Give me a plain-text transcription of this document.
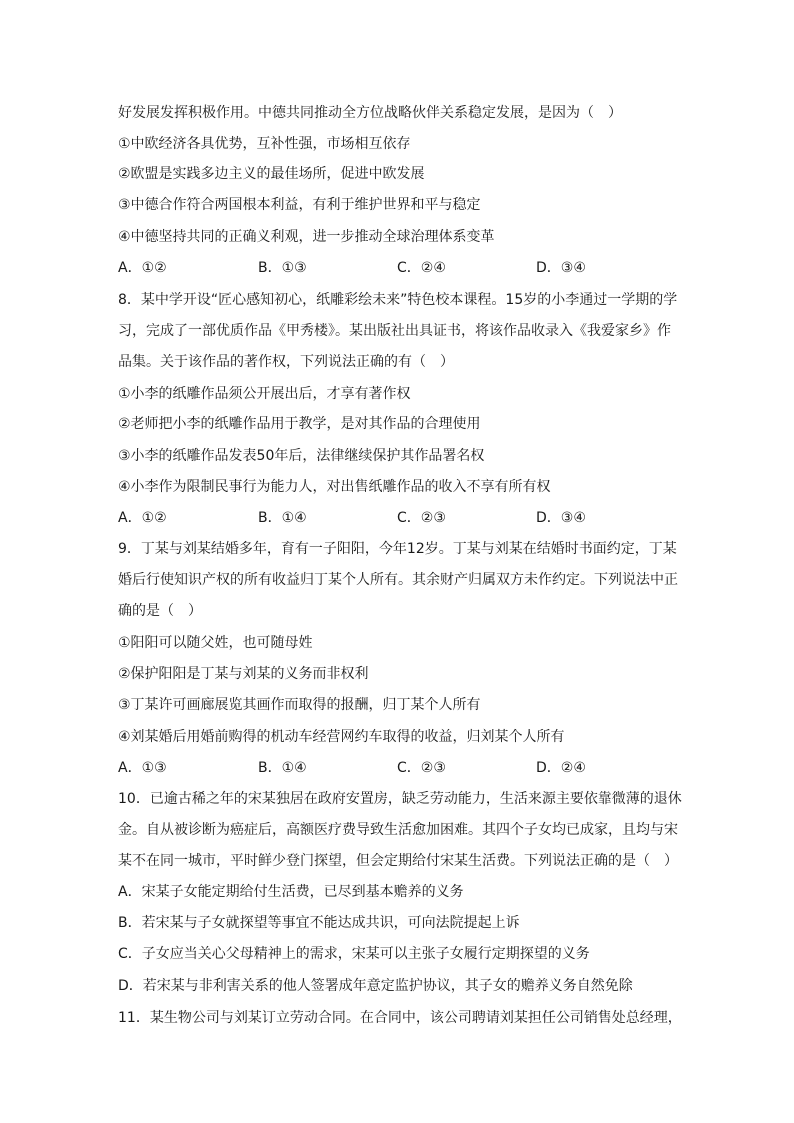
好发展发挥积极作用。中德共同推动全方位战略伙伴关系稳定发展，是因为（　）
①中欧经济各具优势，互补性强，市场相互依存
②欧盟是实践多边主义的最佳场所，促进中欧发展
③中德合作符合两国根本利益，有利于维护世界和平与稳定
④中德坚持共同的正确义利观，进一步推动全球治理体系变革
A．①②	B．①③	C．②④	D．③④
8．某中学开设“匠心感知初心，纸雕彩绘未来”特色校本课程。15岁的小李通过一学期的学
习，完成了一部优质作品《甲秀楼》。某出版社出具证书，将该作品收录入《我爱家乡》作
品集。关于该作品的著作权，下列说法正确的有（　）
①小李的纸雕作品须公开展出后，才享有著作权
②老师把小李的纸雕作品用于教学，是对其作品的合理使用
③小李的纸雕作品发表50年后，法律继续保护其作品署名权
④小李作为限制民事行为能力人，对出售纸雕作品的收入不享有所有权
A．①②	B．①④	C．②③	D．③④
9．丁某与刘某结婚多年，育有一子阳阳，今年12岁。丁某与刘某在结婚时书面约定，丁某
婚后行使知识产权的所有收益归丁某个人所有。其余财产归属双方未作约定。下列说法中正
确的是（　）
①阳阳可以随父姓，也可随母姓
②保护阳阳是丁某与刘某的义务而非权利
③丁某许可画廊展览其画作而取得的报酬，归丁某个人所有
④刘某婚后用婚前购得的机动车经营网约车取得的收益，归刘某个人所有
A．①③	B．①④	C．②③	D．②④
10．已逾古稀之年的宋某独居在政府安置房，缺乏劳动能力，生活来源主要依靠微薄的退休
金。自从被诊断为癌症后，高额医疗费导致生活愈加困难。其四个子女均已成家，且均与宋
某不在同一城市，平时鲜少登门探望，但会定期给付宋某生活费。下列说法正确的是（　）
A．宋某子女能定期给付生活费，已尽到基本赡养的义务
B．若宋某与子女就探望等事宜不能达成共识，可向法院提起上诉
C．子女应当关心父母精神上的需求，宋某可以主张子女履行定期探望的义务
D．若宋某与非利害关系的他人签署成年意定监护协议，其子女的赡养义务自然免除
11．某生物公司与刘某订立劳动合同。在合同中，该公司聘请刘某担任公司销售处总经理，
